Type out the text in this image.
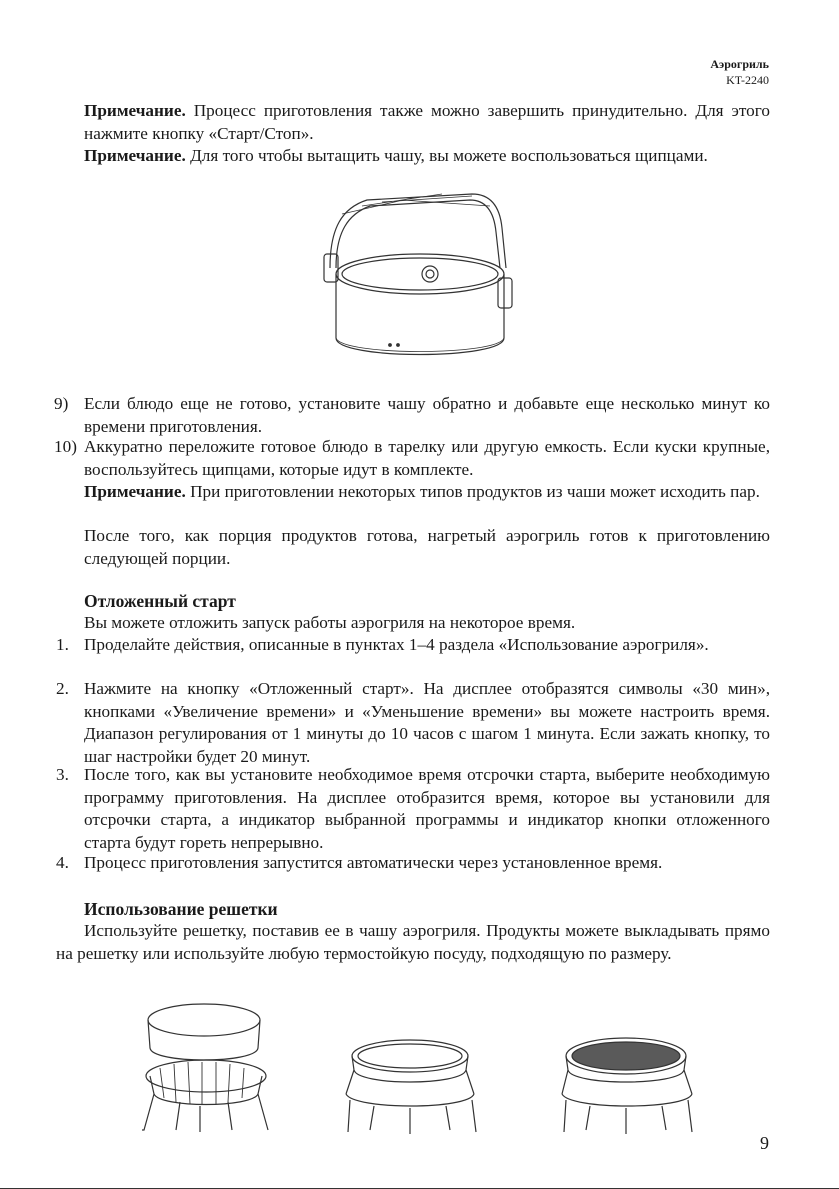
Аэрогриль
KT-2240

Примечание. Процесс приготовления также можно завершить принудительно. Для этого нажмите кнопку «Старт/Стоп».

Примечание. Для того чтобы вытащить чашу, вы можете воспользоваться щипцами.

9) Если блюдо еще не готово, установите чашу обратно и добавьте еще несколько минут ко времени приготовления.

10) Аккуратно переложите готовое блюдо в тарелку или другую емкость. Если куски крупные, воспользуйтесь щипцами, которые идут в комплекте.

Примечание. При приготовлении некоторых типов продуктов из чаши может исходить пар.

После того, как порция продуктов готова, нагретый аэрогриль готов к приготовлению следующей порции.

Отложенный старт

Вы можете отложить запуск работы аэрогриля на некоторое время.

1. Проделайте действия, описанные в пунктах 1–4 раздела «Использование аэрогриля».

2. Нажмите на кнопку «Отложенный старт». На дисплее отобразятся символы «30 мин», кнопками «Увеличение времени» и «Уменьшение времени» вы можете настроить время. Диапазон регулирования от 1 минуты до 10 часов с шагом 1 минута. Если зажать кнопку, то шаг настройки будет 20 минут.

3. После того, как вы установите необходимое время отсрочки старта, выберите необходимую программу приготовления. На дисплее отобразится время, которое вы установили для отсрочки старта, а индикатор выбранной программы и индикатор кнопки отложенного старта будут гореть непрерывно.

4. Процесс приготовления запустится автоматически через установленное время.

Использование решетки

Используйте решетку, поставив ее в чашу аэрогриля. Продукты можете выкладывать прямо на решетку или используйте любую термостойкую посуду, подходящую по размеру.

9
